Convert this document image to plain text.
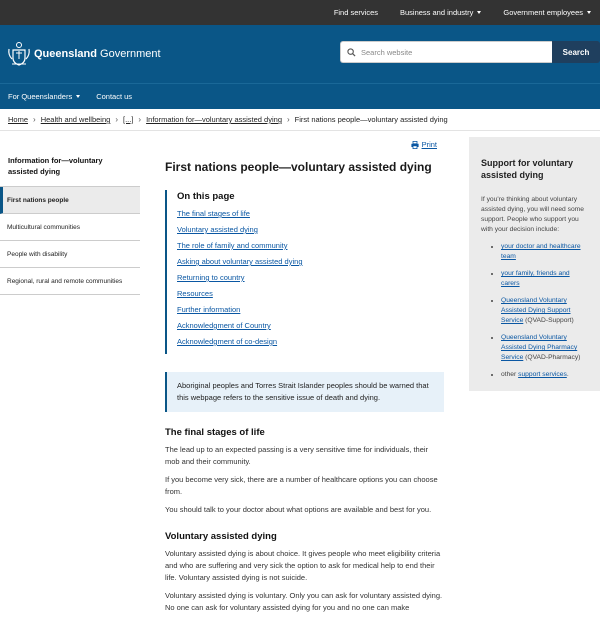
Find services	Business and industry	Government employees
Queensland Government
Search website	Search
For Queenslanders	Contact us
Home › Health and wellbeing › [...] › Information for—voluntary assisted dying › First nations people—voluntary assisted dying
Information for—voluntary assisted dying
First nations people
Multicultural communities
People with disability
Regional, rural and remote communities
Print
First nations people—voluntary assisted dying
On this page
The final stages of life
Voluntary assisted dying
The role of family and community
Asking about voluntary assisted dying
Returning to country
Resources
Further information
Acknowledgment of Country
Acknowledgment of co-design
Aboriginal peoples and Torres Strait Islander peoples should be warned that this webpage refers to the sensitive issue of death and dying.
The final stages of life

The lead up to an expected passing is a very sensitive time for individuals, their mob and their community.

If you become very sick, there are a number of healthcare options you can choose from.

You should talk to your doctor about what options are available and best for you.

Voluntary assisted dying

Voluntary assisted dying is about choice. It gives people who meet eligibility criteria and who are suffering and very sick the option to ask for medical help to end their life. Voluntary assisted dying is not suicide.

Voluntary assisted dying is voluntary. Only you can ask for voluntary assisted dying. No one can ask for voluntary assisted dying for you and no one can make

Support for voluntary assisted dying

If you're thinking about voluntary assisted dying, you will need some support. People who support you with your decision include:

• your doctor and healthcare team
• your family, friends and carers
• Queensland Voluntary Assisted Dying Support Service (QVAD-Support)
• Queensland Voluntary Assisted Dying Pharmacy Service (QVAD-Pharmacy)
• other support services.
